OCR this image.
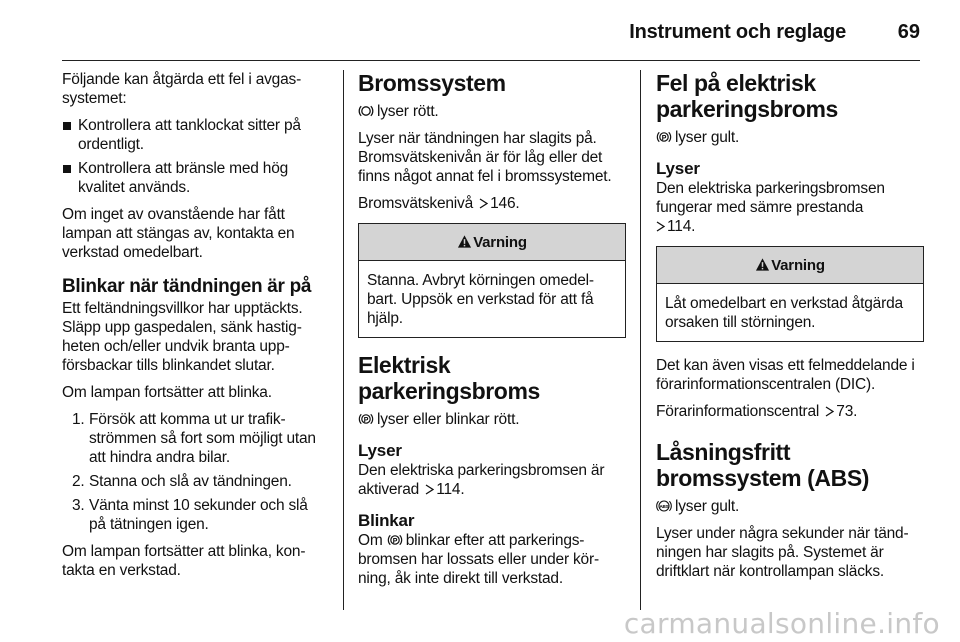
Instrument och reglage	69

Följande kan åtgärda ett fel i avgassystemet:

Kontrollera att tanklockat sitter på ordentligt.
Kontrollera att bränsle med hög kvalitet används.

Om inget av ovanstående har fått lampan att stängas av, kontakta en verkstad omedelbart.

Blinkar när tändningen är på

Ett feltändningsvillkor har upptäckts. Släpp upp gaspedalen, sänk hastigheten och/eller undvik branta uppförsbackar tills blinkandet slutar.

Om lampan fortsätter att blinka.

1. Försök att komma ut ur trafikströmmen så fort som möjligt utan att hindra andra bilar.
2. Stanna och slå av tändningen.
3. Vänta minst 10 sekunder och slå på tätningen igen.

Om lampan fortsätter att blinka, kontakta en verkstad.

Bromssystem

lyser rött.

Lyser när tändningen har slagits på. Bromsvätskenivån är för låg eller det finns något annat fel i bromssystemet.

Bromsvätskenivå 146.

Varning
Stanna. Avbryt körningen omedelbart. Uppsök en verkstad för att få hjälp.
Elektrisk parkeringsbroms

P lyser eller blinkar rött.

Lyser

Den elektriska parkeringsbromsen är aktiverad 114.

Blinkar

Om P blinkar efter att parkeringsbromsen har lossats eller under körning, åk inte direkt till verkstad.

Fel på elektrisk parkeringsbroms

P lyser gult.

Lyser

Den elektriska parkeringsbromsen fungerar med sämre prestanda
114.

Varning
Låt omedelbart en verkstad åtgärda orsaken till störningen.

Det kan även visas ett felmeddelande i förarinformationscentralen (DIC).

Förarinformationscentral 73.

Låsningsfritt bromssystem (ABS)

ABS lyser gult.

Lyser under några sekunder när tändningen har slagits på. Systemet är driftklart när kontrollampan släcks.

carmanualsonline.info
